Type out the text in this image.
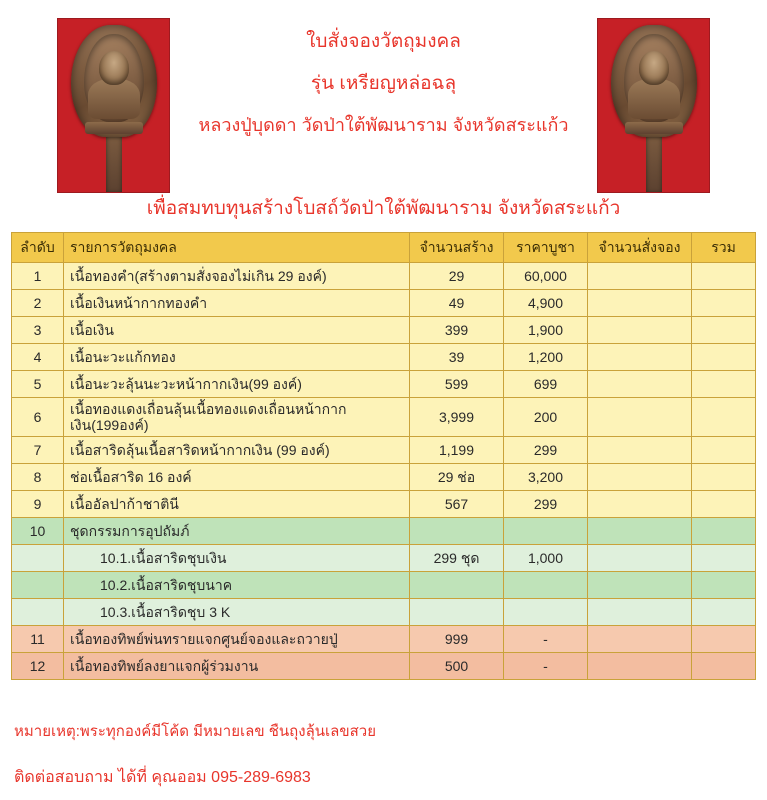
ใบสั่งจองวัตถุมงคล
รุ่น เหรียญหล่อฉลุ
หลวงปู่บุดดา วัดป่าใต้พัฒนาราม จังหวัดสระแก้ว
เพื่อสมทบทุนสร้างโบสถ์วัดป่าใต้พัฒนาราม จังหวัดสระแก้ว
ลำดับ	รายการวัตถุมงคล	จำนวนสร้าง	ราคาบูชา	จำนวนสั่งจอง	รวม
1	เนื้อทองคำ(สร้างตามสั่งจองไม่เกิน 29 องค์)	29	60,000		
2	เนื้อเงินหน้ากากทองคำ	49	4,900		
3	เนื้อเงิน	399	1,900		
4	เนื้อนะวะแก้กทอง	39	1,200		
5	เนื้อนะวะลุ้นนะวะหน้ากากเงิน(99 องค์)	599	699		
6	เนื้อทองแดงเถื่อนลุ้นเนื้อทองแดงเถื่อนหน้ากากเงิน(199องค์)	3,999	200		
7	เนื้อสาริดลุ้นเนื้อสาริดหน้ากากเงิน (99 องค์)	1,199	299		
8	ช่อเนื้อสาริด 16 องค์	29 ช่อ	3,200		
9	เนื้ออัลปาก้าชาตินี	567	299		
10	ชุดกรรมการอุปถัมภ์				
	10.1.เนื้อสาริดชุบเงิน	299 ชุด	1,000		
	10.2.เนื้อสาริดชุบนาค				
	10.3.เนื้อสาริดชุบ 3 K				
11	เนื้อทองทิพย์พ่นทรายแจกศูนย์จองและถวายปู่	999	-		
12	เนื้อทองทิพย์ลงยาแจกผู้ร่วมงาน	500	-		
หมายเหตุ:พระทุกองค์มีโค้ด มีหมายเลข ชืนถุงลุ้นเลขสวย
ติดต่อสอบถาม ได้ที่ คุณออม 095-289-6983
